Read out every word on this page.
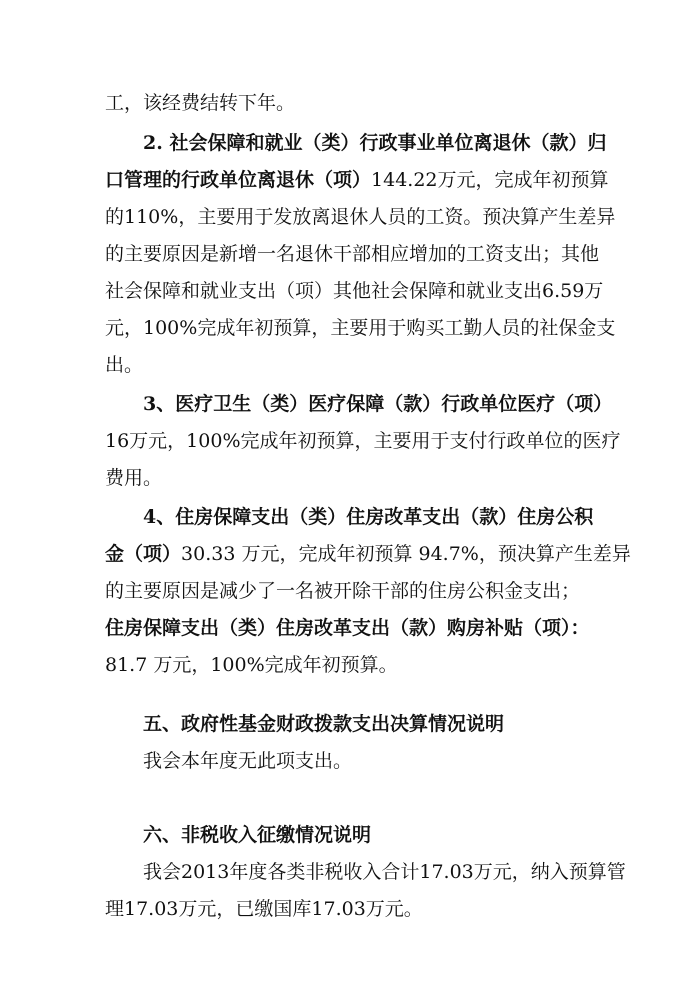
工，该经费结转下年。
2. 社会保障和就业（类）行政事业单位离退休（款）归
口管理的行政单位离退休（项）144.22万元，完成年初预算
的110%，主要用于发放离退休人员的工资。预决算产生差异
的主要原因是新增一名退休干部相应增加的工资支出；其他
社会保障和就业支出（项）其他社会保障和就业支出6.59万
元，100%完成年初预算，主要用于购买工勤人员的社保金支
出。
3、医疗卫生（类）医疗保障（款）行政单位医疗（项）
16万元，100%完成年初预算，主要用于支付行政单位的医疗
费用。
4、住房保障支出（类）住房改革支出（款）住房公积
金（项）30.33 万元，完成年初预算 94.7%，预决算产生差异
的主要原因是减少了一名被开除干部的住房公积金支出；
住房保障支出（类）住房改革支出（款）购房补贴（项）：
81.7 万元，100%完成年初预算。
五、政府性基金财政拨款支出决算情况说明
我会本年度无此项支出。
六、非税收入征缴情况说明
我会2013年度各类非税收入合计17.03万元，纳入预算管
理17.03万元，已缴国库17.03万元。
